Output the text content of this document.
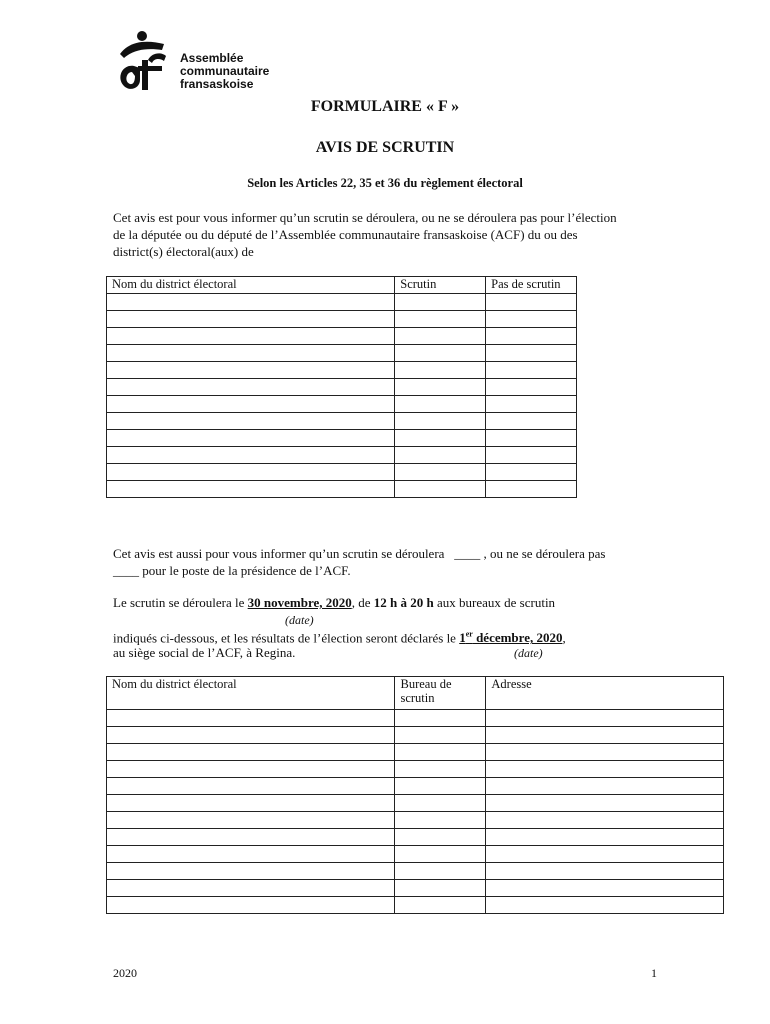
Assemblée
communautaire
fransaskoise
FORMULAIRE « F »
AVIS DE SCRUTIN
Selon les Articles 22, 35 et 36 du règlement électoral
Cet avis est pour vous informer qu’un scrutin se déroulera, ou ne se déroulera pas pour l’élection
de la députée ou du député de l’Assemblée communautaire fransaskoise (ACF) du ou des
district(s) électoral(aux) de
Nom du district électoral	Scrutin	Pas de scrutin

Cet avis est aussi pour vous informer qu’un scrutin se déroulera ____ , ou ne se déroulera pas
____ pour le poste de la présidence de l’ACF.
Le scrutin se déroulera le 30 novembre, 2020, de 12 h à 20 h aux bureaux de scrutin
(date)
indiqués ci-dessous, et les résultats de l’élection seront déclarés le 1er décembre, 2020,
au siège social de l’ACF, à Regina.	(date)
Nom du district électoral	Bureau de scrutin	Adresse

2020	1
